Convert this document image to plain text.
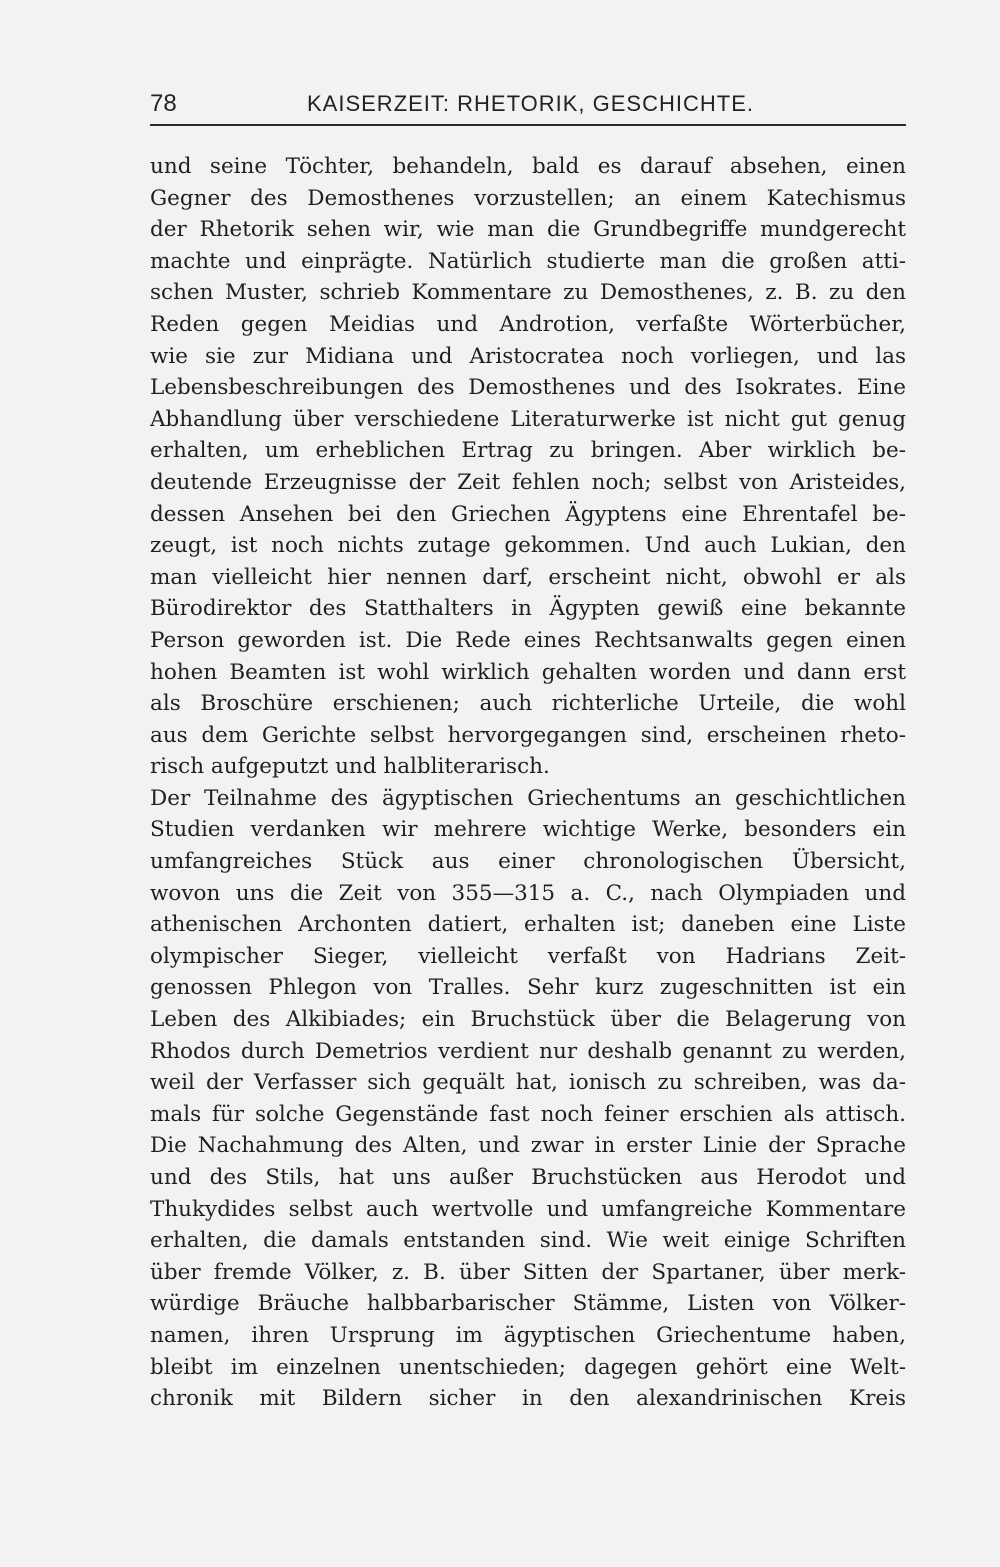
78	KAISERZEIT: RHETORIK, GESCHICHTE.
und seine Töchter, behandeln, bald es darauf absehen, einen
Gegner des Demosthenes vorzustellen; an einem Katechismus
der Rhetorik sehen wir, wie man die Grundbegriffe mundgerecht
machte und einprägte. Natürlich studierte man die großen atti-
schen Muster, schrieb Kommentare zu Demosthenes, z. B. zu den
Reden gegen Meidias und Androtion, verfaßte Wörterbücher,
wie sie zur Midiana und Aristocratea noch vorliegen, und las
Lebensbeschreibungen des Demosthenes und des Isokrates. Eine
Abhandlung über verschiedene Literaturwerke ist nicht gut genug
erhalten, um erheblichen Ertrag zu bringen. Aber wirklich be-
deutende Erzeugnisse der Zeit fehlen noch; selbst von Aristeides,
dessen Ansehen bei den Griechen Ägyptens eine Ehrentafel be-
zeugt, ist noch nichts zutage gekommen. Und auch Lukian, den
man vielleicht hier nennen darf, erscheint nicht, obwohl er als
Bürodirektor des Statthalters in Ägypten gewiß eine bekannte
Person geworden ist. Die Rede eines Rechtsanwalts gegen einen
hohen Beamten ist wohl wirklich gehalten worden und dann erst
als Broschüre erschienen; auch richterliche Urteile, die wohl
aus dem Gerichte selbst hervorgegangen sind, erscheinen rheto-
risch aufgeputzt und halbliterarisch.
Der Teilnahme des ägyptischen Griechentums an geschichtlichen
Studien verdanken wir mehrere wichtige Werke, besonders ein
umfangreiches Stück aus einer chronologischen Übersicht,
wovon uns die Zeit von 355—315 a. C., nach Olympiaden und
athenischen Archonten datiert, erhalten ist; daneben eine Liste
olympischer Sieger, vielleicht verfaßt von Hadrians Zeit-
genossen Phlegon von Tralles. Sehr kurz zugeschnitten ist ein
Leben des Alkibiades; ein Bruchstück über die Belagerung von
Rhodos durch Demetrios verdient nur deshalb genannt zu werden,
weil der Verfasser sich gequält hat, ionisch zu schreiben, was da-
mals für solche Gegenstände fast noch feiner erschien als attisch.
Die Nachahmung des Alten, und zwar in erster Linie der Sprache
und des Stils, hat uns außer Bruchstücken aus Herodot und
Thukydides selbst auch wertvolle und umfangreiche Kommentare
erhalten, die damals entstanden sind. Wie weit einige Schriften
über fremde Völker, z. B. über Sitten der Spartaner, über merk-
würdige Bräuche halbbarbarischer Stämme, Listen von Völker-
namen, ihren Ursprung im ägyptischen Griechentume haben,
bleibt im einzelnen unentschieden; dagegen gehört eine Welt-
chronik mit Bildern sicher in den alexandrinischen Kreis
